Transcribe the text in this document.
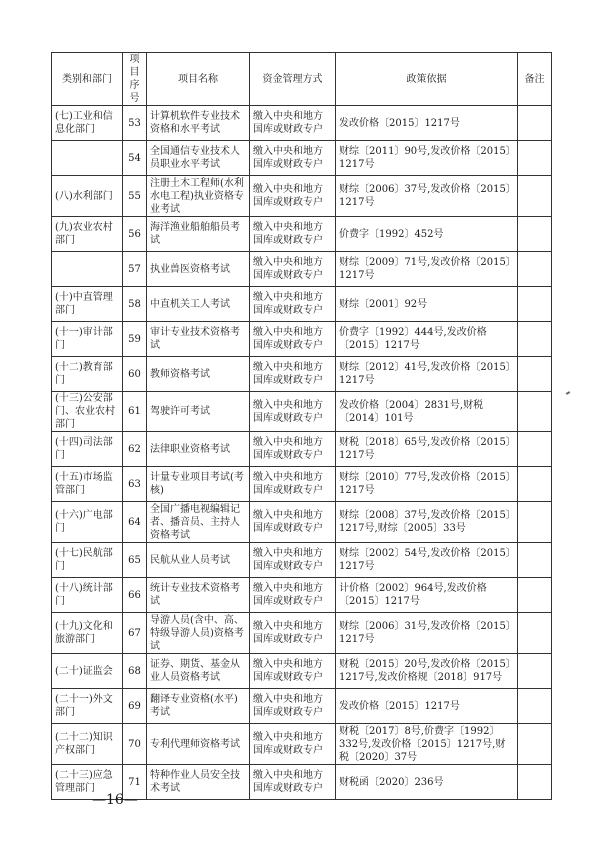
类别和部门	项目序号	项目名称	资金管理方式	政策依据	备注
(七)工业和信息化部门	53	计算机软件专业技术资格和水平考试	缴入中央和地方国库或财政专户	发改价格〔2015〕1217号	
	54	全国通信专业技术人员职业水平考试	缴入中央和地方国库或财政专户	财综〔2011〕90号,发改价格〔2015〕1217号	
(八)水利部门	55	注册土木工程师(水利水电工程)执业资格专业考试	缴入中央和地方国库或财政专户	财综〔2006〕37号,发改价格〔2015〕1217号	
(九)农业农村部门	56	海洋渔业船舶船员考试	缴入中央和地方国库或财政专户	价费字〔1992〕452号	
	57	执业兽医资格考试	缴入中央和地方国库或财政专户	财综〔2009〕71号,发改价格〔2015〕1217号	
(十)中直管理部门	58	中直机关工人考试	缴入中央和地方国库或财政专户	财综〔2001〕92号	
(十一)审计部门	59	审计专业技术资格考试	缴入中央和地方国库或财政专户	价费字〔1992〕444号,发改价格〔2015〕1217号	
(十二)教育部门	60	教师资格考试	缴入中央和地方国库或财政专户	财综〔2012〕41号,发改价格〔2015〕1217号	
(十三)公安部门、农业农村部门	61	驾驶许可考试	缴入中央和地方国库或财政专户	发改价格〔2004〕2831号,财税〔2014〕101号	
(十四)司法部门	62	法律职业资格考试	缴入中央和地方国库或财政专户	财税〔2018〕65号,发改价格〔2015〕1217号	
(十五)市场监管部门	63	计量专业项目考试(考核)	缴入中央和地方国库或财政专户	财综〔2010〕77号,发改价格〔2015〕1217号	
(十六)广电部门	64	全国广播电视编辑记者、播音员、主持人资格考试	缴入中央和地方国库或财政专户	财综〔2008〕37号,发改价格〔2015〕1217号,财综〔2005〕33号	
(十七)民航部门	65	民航从业人员考试	缴入中央和地方国库或财政专户	财综〔2002〕54号,发改价格〔2015〕1217号	
(十八)统计部门	66	统计专业技术资格考试	缴入中央和地方国库或财政专户	计价格〔2002〕964号,发改价格〔2015〕1217号	
(十九)文化和旅游部门	67	导游人员(含中、高、特级导游人员)资格考试	缴入中央和地方国库或财政专户	财综〔2006〕31号,发改价格〔2015〕1217号	
(二十)证监会	68	证券、期货、基金从业人员资格考试	缴入中央和地方国库或财政专户	财税〔2015〕20号,发改价格〔2015〕1217号,发改价格规〔2018〕917号	
(二十一)外文部门	69	翻译专业资格(水平)考试	缴入中央和地方国库或财政专户	发改价格〔2015〕1217号	
(二十二)知识产权部门	70	专利代理师资格考试	缴入中央和地方国库或财政专户	财税〔2017〕8号,价费字〔1992〕332号,发改价格〔2015〕1217号,财税〔2020〕37号	
(二十三)应急管理部门	71	特种作业人员安全技术考试	缴入中央和地方国库或财政专户	财税函〔2020〕236号	
—16—
